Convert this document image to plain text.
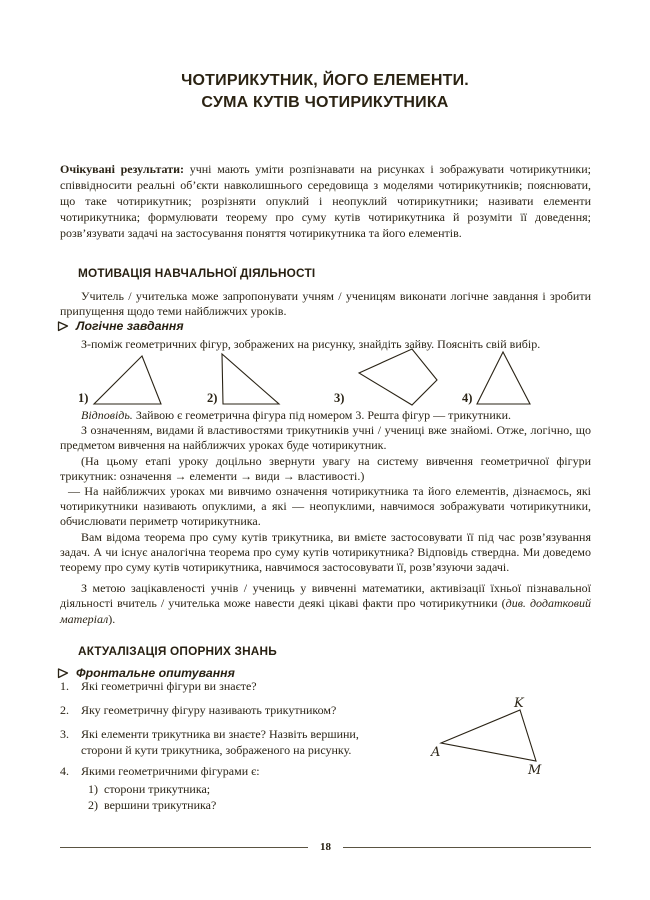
ЧОТИРИКУТНИК, ЙОГО ЕЛЕМЕНТИ.
СУМА КУТІВ ЧОТИРИКУТНИКА

Очікувані результати: учні мають уміти розпізнавати на рисунках і зображувати чотирикутники; співвідносити реальні об’єкти навколишнього середовища з моделями чотирикутників; пояснювати, що таке чотирикутник; розрізняти опуклий і неопуклий чотирикутники; називати елементи чотирикутника; формулювати теорему про суму кутів чотирикутника й розуміти її доведення; розв’язувати задачі на застосування поняття чотирикутника та його елементів.

МОТИВАЦІЯ НАВЧАЛЬНОЇ ДІЯЛЬНОСТІ

Учитель / учителька може запропонувати учням / ученицям виконати логічне завдання і зробити припущення щодо теми найближчих уроків.

Логічне завдання

З-поміж геометричних фігур, зображених на рисунку, знайдіть зайву. Поясніть свій вибір.

1)	2)	3)	4)

Відповідь. Зайвою є геометрична фігура під номером 3. Решта фігур — трикутники.

З означенням, видами й властивостями трикутників учні / учениці вже знайомі. Отже, логічно, що предметом вивчення на найближчих уроках буде чотирикутник.

(На цьому етапі уроку доцільно звернути увагу на систему вивчення геометричної фігури трикутник: означення → елементи → види → властивості.)

— На найближчих уроках ми вивчимо означення чотирикутника та його елементів, дізнаємось, які чотирикутники називають опуклими, а які — неопуклими, навчимося зображувати чотирикутники, обчислювати периметр чотирикутника.

Вам відома теорема про суму кутів трикутника, ви вмієте застосовувати її під час розв’язування задач. А чи існує аналогічна теорема про суму кутів чотирикутника? Відповідь ствердна. Ми доведемо теорему про суму кутів чотирикутника, навчимося застосовувати її, розв’язуючи задачі.

З метою зацікавленості учнів / учениць у вивченні математики, активізації їхньої пізнавальної діяльності вчитель / учителька може навести деякі цікаві факти про чотирикутники (див. додатковий матеріал).

АКТУАЛІЗАЦІЯ ОПОРНИХ ЗНАНЬ
Фронтальне опитування
1.	Які геометричні фігури ви знаєте?
2.	Яку геометричну фігуру називають трикутником?
3.	Які елементи трикутника ви знаєте? Назвіть вершини, сторони й кути трикутника, зображеного на рисунку.
4.	Якими геометричними фігурами є:
1) сторони трикутника;
2) вершини трикутника?
A
K
M
18
